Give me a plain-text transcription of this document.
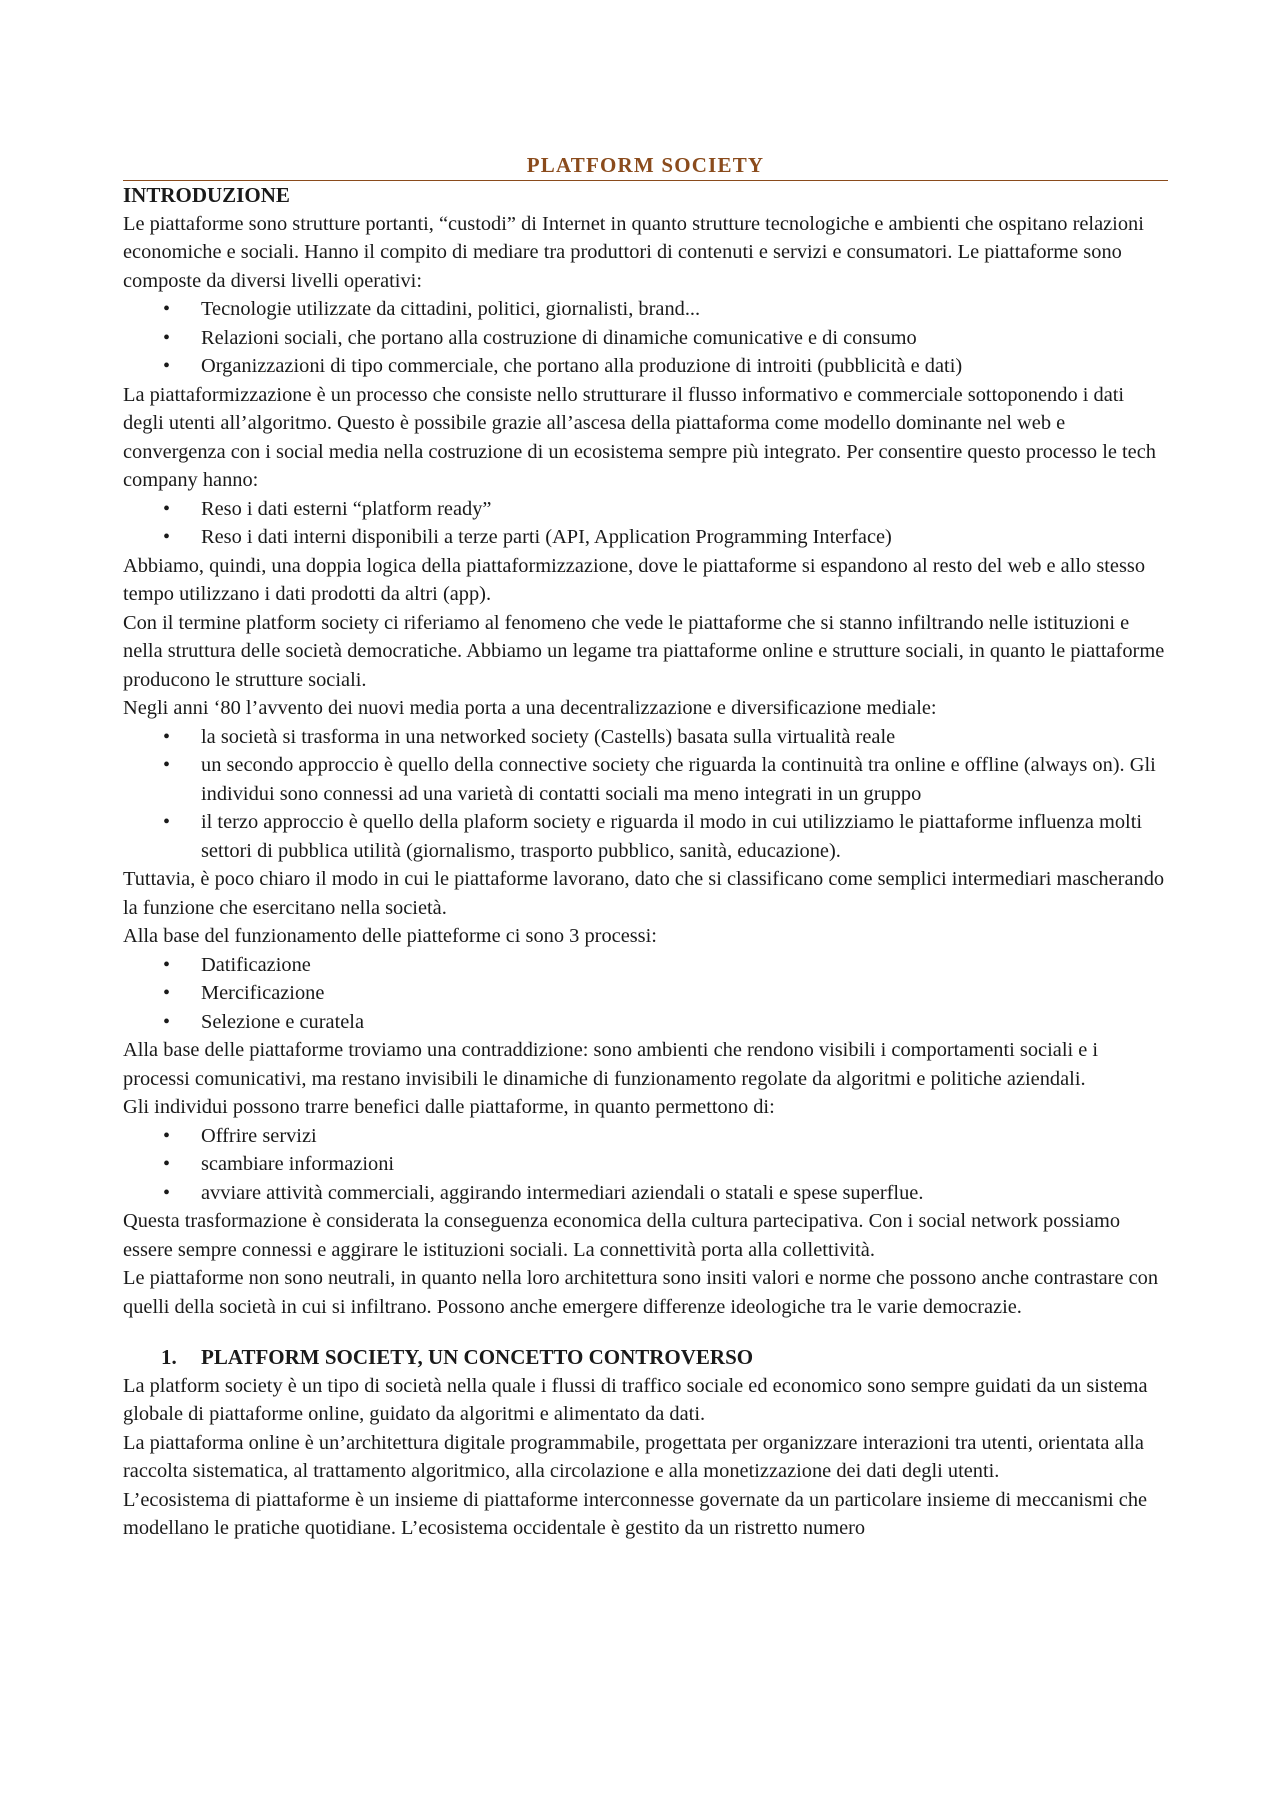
PLATFORM SOCIETY
INTRODUZIONE

Le piattaforme sono strutture portanti, “custodi” di Internet in quanto strutture tecnologiche e ambienti che ospitano relazioni economiche e sociali. Hanno il compito di mediare tra produttori di contenuti e servizi e consumatori. Le piattaforme sono composte da diversi livelli operativi:

• Tecnologie utilizzate da cittadini, politici, giornalisti, brand...
• Relazioni sociali, che portano alla costruzione di dinamiche comunicative e di consumo
• Organizzazioni di tipo commerciale, che portano alla produzione di introiti (pubblicità e dati)

La piattaformizzazione è un processo che consiste nello strutturare il flusso informativo e commerciale sottoponendo i dati degli utenti all’algoritmo. Questo è possibile grazie all’ascesa della piattaforma come modello dominante nel web e convergenza con i social media nella costruzione di un ecosistema sempre più integrato. Per consentire questo processo le tech company hanno:

• Reso i dati esterni “platform ready”
• Reso i dati interni disponibili a terze parti (API, Application Programming Interface)

Abbiamo, quindi, una doppia logica della piattaformizzazione, dove le piattaforme si espandono al resto del web e allo stesso tempo utilizzano i dati prodotti da altri (app).

Con il termine platform society ci riferiamo al fenomeno che vede le piattaforme che si stanno infiltrando nelle istituzioni e nella struttura delle società democratiche. Abbiamo un legame tra piattaforme online e strutture sociali, in quanto le piattaforme producono le strutture sociali.

Negli anni ‘80 l’avvento dei nuovi media porta a una decentralizzazione e diversificazione mediale:

• la società si trasforma in una networked society (Castells) basata sulla virtualità reale
• un secondo approccio è quello della connective society che riguarda la continuità tra online e offline (always on). Gli individui sono connessi ad una varietà di contatti sociali ma meno integrati in un gruppo
• il terzo approccio è quello della plaform society e riguarda il modo in cui utilizziamo le piattaforme influenza molti settori di pubblica utilità (giornalismo, trasporto pubblico, sanità, educazione).

Tuttavia, è poco chiaro il modo in cui le piattaforme lavorano, dato che si classificano come semplici intermediari mascherando la funzione che esercitano nella società.

Alla base del funzionamento delle piatteforme ci sono 3 processi:

• Datificazione
• Mercificazione
• Selezione e curatela

Alla base delle piattaforme troviamo una contraddizione: sono ambienti che rendono visibili i comportamenti sociali e i processi comunicativi, ma restano invisibili le dinamiche di funzionamento regolate da algoritmi e politiche aziendali.

Gli individui possono trarre benefici dalle piattaforme, in quanto permettono di:

• Offrire servizi
• scambiare informazioni
• avviare attività commerciali, aggirando intermediari aziendali o statali e spese superflue.

Questa trasformazione è considerata la conseguenza economica della cultura partecipativa. Con i social network possiamo essere sempre connessi e aggirare le istituzioni sociali. La connettività porta alla collettività.

Le piattaforme non sono neutrali, in quanto nella loro architettura sono insiti valori e norme che possono anche contrastare con quelli della società in cui si infiltrano. Possono anche emergere differenze ideologiche tra le varie democrazie.

1. PLATFORM SOCIETY, UN CONCETTO CONTROVERSO

La platform society è un tipo di società nella quale i flussi di traffico sociale ed economico sono sempre guidati da un sistema globale di piattaforme online, guidato da algoritmi e alimentato da dati.

La piattaforma online è un’architettura digitale programmabile, progettata per organizzare interazioni tra utenti, orientata alla raccolta sistematica, al trattamento algoritmico, alla circolazione e alla monetizzazione dei dati degli utenti.

L’ecosistema di piattaforme è un insieme di piattaforme interconnesse governate da un particolare insieme di meccanismi che modellano le pratiche quotidiane. L’ecosistema occidentale è gestito da un ristretto numero
